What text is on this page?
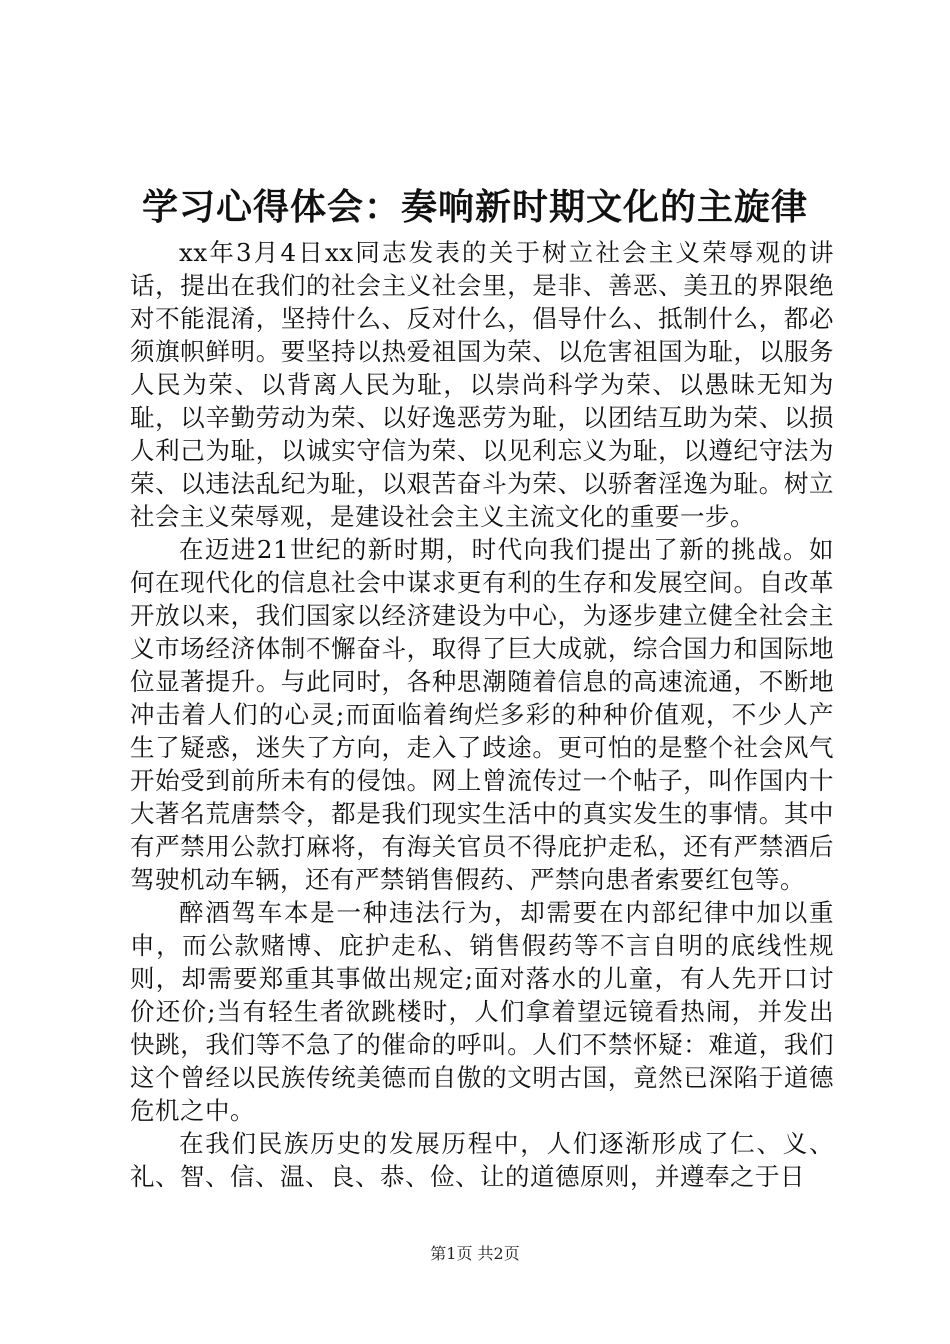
学习心得体会：奏响新时期文化的主旋律

xx年3月4日xx同志发表的关于树立社会主义荣辱观的讲话，提出在我们的社会主义社会里，是非、善恶、美丑的界限绝对不能混淆，坚持什么、反对什么，倡导什么、抵制什么，都必须旗帜鲜明。要坚持以热爱祖国为荣、以危害祖国为耻，以服务人民为荣、以背离人民为耻，以崇尚科学为荣、以愚昧无知为耻，以辛勤劳动为荣、以好逸恶劳为耻，以团结互助为荣、以损人利己为耻，以诚实守信为荣、以见利忘义为耻，以遵纪守法为荣、以违法乱纪为耻，以艰苦奋斗为荣、以骄奢淫逸为耻。树立社会主义荣辱观，是建设社会主义主流文化的重要一步。

在迈进21世纪的新时期，时代向我们提出了新的挑战。如何在现代化的信息社会中谋求更有利的生存和发展空间。自改革开放以来，我们国家以经济建设为中心，为逐步建立健全社会主义市场经济体制不懈奋斗，取得了巨大成就，综合国力和国际地位显著提升。与此同时，各种思潮随着信息的高速流通，不断地冲击着人们的心灵;而面临着绚烂多彩的种种价值观，不少人产生了疑惑，迷失了方向，走入了歧途。更可怕的是整个社会风气开始受到前所未有的侵蚀。网上曾流传过一个帖子，叫作国内十大著名荒唐禁令，都是我们现实生活中的真实发生的事情。其中有严禁用公款打麻将，有海关官员不得庇护走私，还有严禁酒后驾驶机动车辆，还有严禁销售假药、严禁向患者索要红包等。

醉酒驾车本是一种违法行为，却需要在内部纪律中加以重申，而公款赌博、庇护走私、销售假药等不言自明的底线性规则，却需要郑重其事做出规定;面对落水的儿童，有人先开口讨价还价;当有轻生者欲跳楼时，人们拿着望远镜看热闹，并发出快跳，我们等不急了的催命的呼叫。人们不禁怀疑：难道，我们这个曾经以民族传统美德而自傲的文明古国，竟然已深陷于道德危机之中。

在我们民族历史的发展历程中，人们逐渐形成了仁、义、礼、智、信、温、良、恭、俭、让的道德原则，并遵奉之于日

第1页 共2页
